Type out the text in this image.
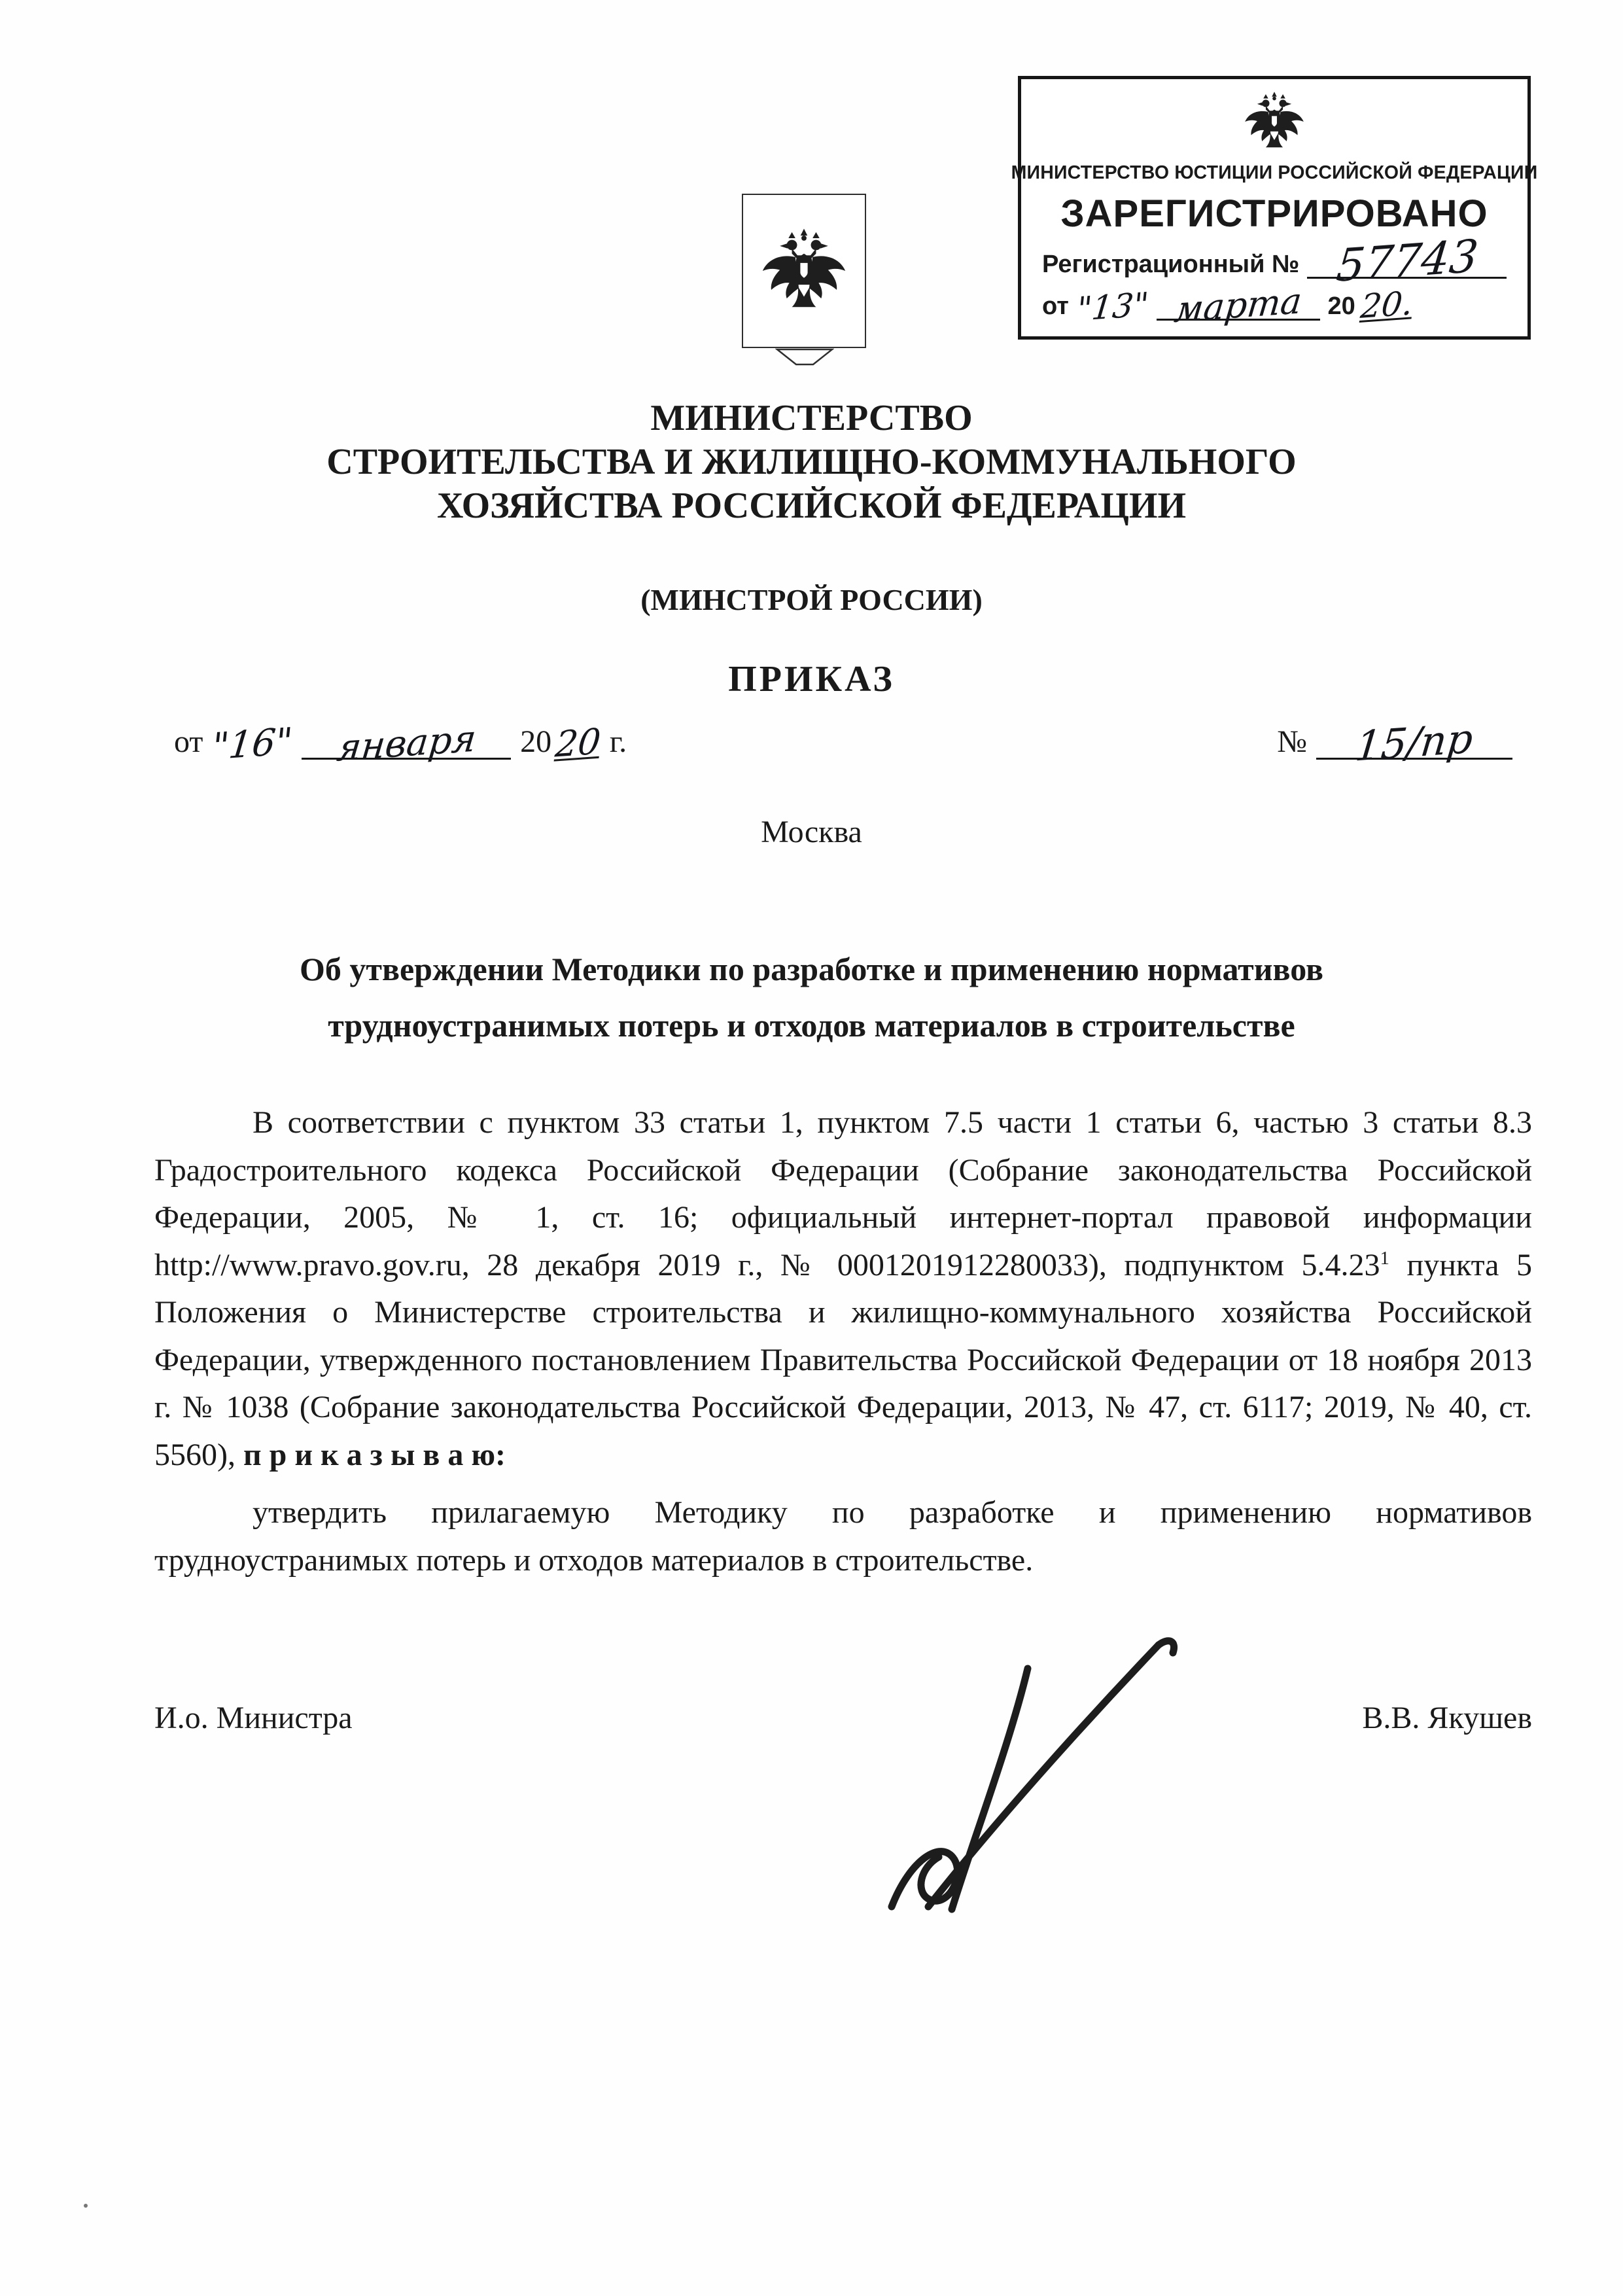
МИНИСТЕРСТВО ЮСТИЦИИ РОССИЙСКОЙ ФЕДЕРАЦИИ
ЗАРЕГИСТРИРОВАНО
Регистрационный № 57743
от "13" марта 20 20.
МИНИСТЕРСТВО
СТРОИТЕЛЬСТВА И ЖИЛИЩНО-КОММУНАЛЬНОГО
ХОЗЯЙСТВА РОССИЙСКОЙ ФЕДЕРАЦИИ
(МИНСТРОЙ РОССИИ)
ПРИКАЗ
от "16" января 20 20 г.	№ 15/пр
Москва
Об утверждении Методики по разработке и применению нормативов
трудноустранимых потерь и отходов материалов в строительстве

В соответствии с пунктом 33 статьи 1, пунктом 7.5 части 1 статьи 6, частью 3 статьи 8.3 Градостроительного кодекса Российской Федерации (Собрание законодательства Российской Федерации, 2005, № 1, ст. 16; официальный интернет-портал правовой информации http://www.pravo.gov.ru, 28 декабря 2019 г., № 0001201912280033), подпунктом 5.4.23$^1$ пункта 5 Положения о Министерстве строительства и жилищно-коммунального хозяйства Российской Федерации, утвержденного постановлением Правительства Российской Федерации от 18 ноября 2013 г. № 1038 (Собрание законодательства Российской Федерации, 2013, № 47, ст. 6117; 2019, № 40, ст. 5560), п р и к а з ы в а ю:

утвердить прилагаемую Методику по разработке и применению нормативов трудноустранимых потерь и отходов материалов в строительстве.

И.о. Министра	В.В. Якушев
